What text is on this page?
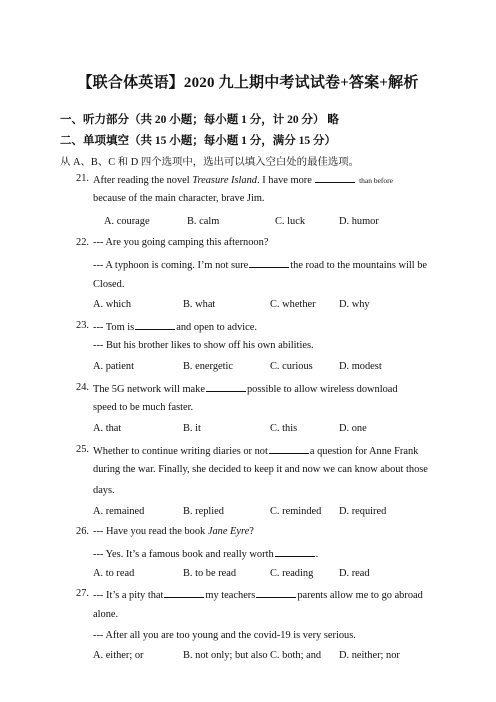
【联合体英语】2020 九上期中考试试卷+答案+解析
一、听力部分（共 20 小题；每小题 1 分，计 20 分） 略
二、单项填空（共 15 小题；每小题 1 分，满分 15 分）
从 A、B、C 和 D 四个选项中，选出可以填入空白处的最佳选项。
21. After reading the novel Treasure Island. I have more	than before
because of the main character, brave Jim.
A. courage	B. calm	C. luck	D. humor
22. --- Are you going camping this afternoon?
--- A typhoon is coming. I’m not sure	the road to the mountains will be
Closed.
A. which	B. what	C. whether D. why
23. --- Tom is	and open to advice.
--- But his brother likes to show off his own abilities.
A. patient	B. energetic	C. curious	D. modest
24. The 5G network will make	possible to allow wireless download
speed to be much faster.
A. that	B. it	C. this	D. one
25. Whether to continue writing diaries or not	a question for Anne Frank
during the war. Finally, she decided to keep it and now we can know about those
days.
A. remained	B. replied	C. reminded D. required
26. --- Have you read the book Jane Eyre?
--- Yes. It’s a famous book and really worth	.
A. to read	B. to be read	C. reading D. read
27. --- It’s a pity that	my teachers	parents allow me to go abroad
alone.
--- After all you are too young and the covid-19 is very serious.
A. either; or	B. not only; but also C. both; and D. neither; nor
